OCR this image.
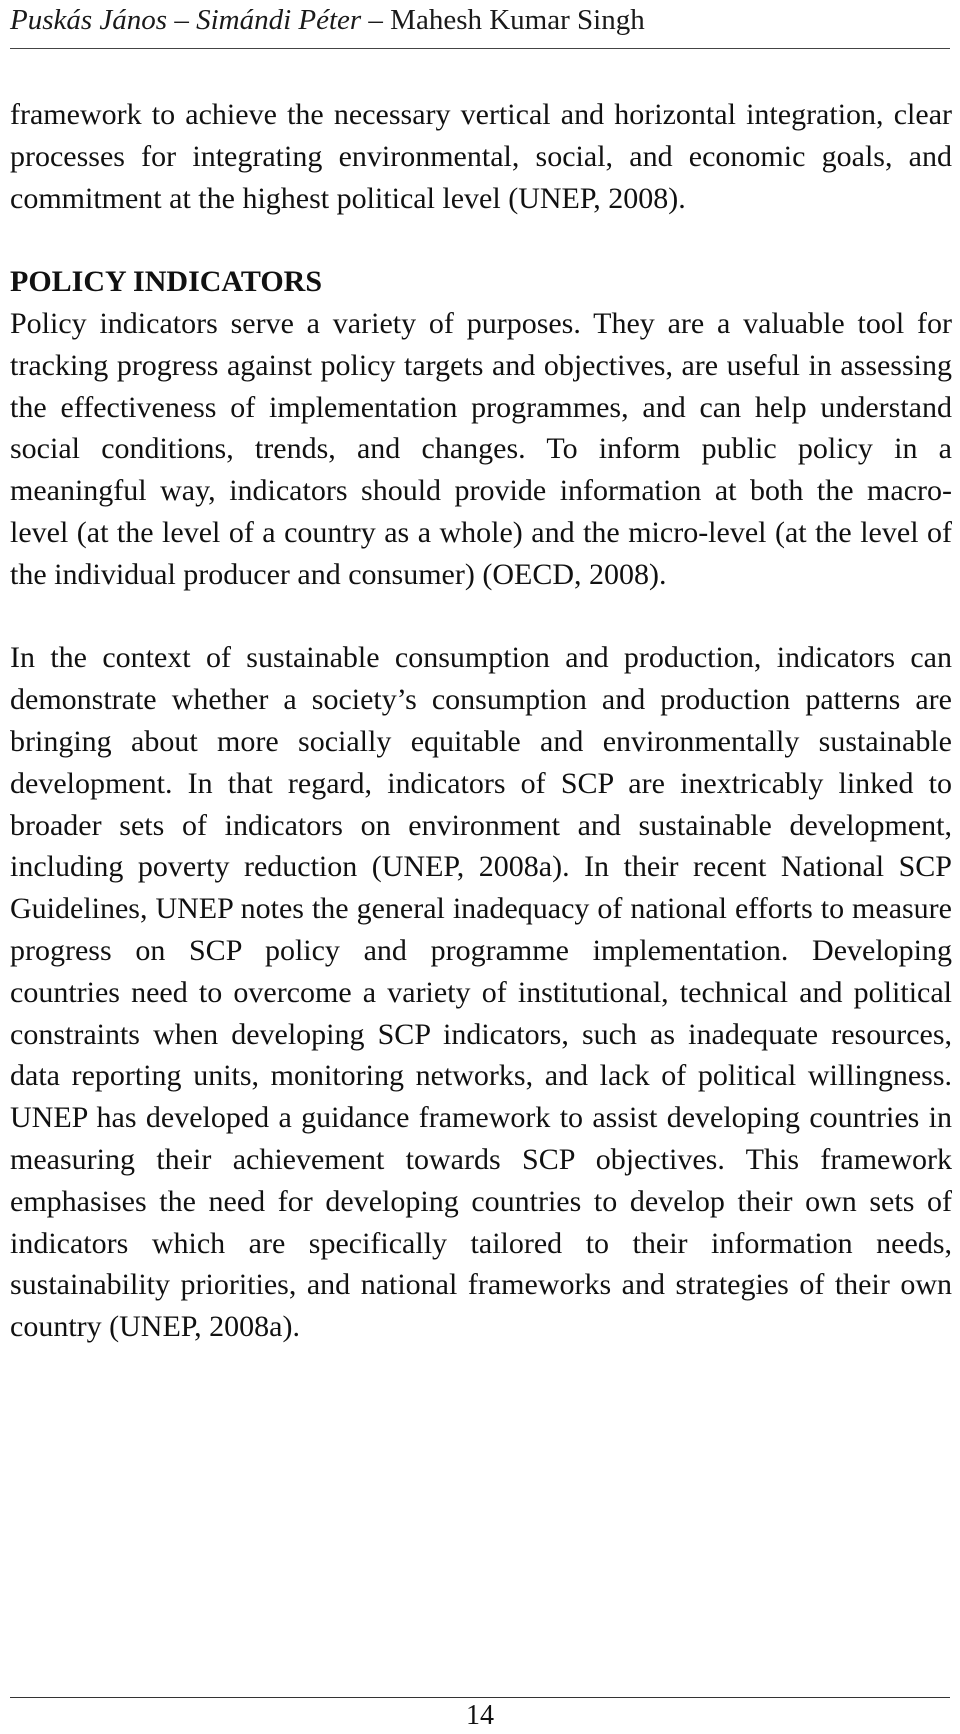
Puskás János – Simándi Péter – Mahesh Kumar Singh

framework to achieve the necessary vertical and horizontal integration, clear processes for integrating environmental, social, and economic goals, and commitment at the highest political level (UNEP, 2008).

POLICY INDICATORS

Policy indicators serve a variety of purposes. They are a valuable tool for tracking progress against policy targets and objectives, are useful in assessing the effectiveness of implementation programmes, and can help understand social conditions, trends, and changes. To inform public policy in a meaningful way, indicators should provide information at both the macro-level (at the level of a country as a whole) and the micro-level (at the level of the individual producer and consumer) (OECD, 2008).

In the context of sustainable consumption and production, indicators can demonstrate whether a society’s consumption and production patterns are bringing about more socially equitable and environmentally sustainable development. In that regard, indicators of SCP are inextricably linked to broader sets of indicators on environment and sustainable development, including poverty reduction (UNEP, 2008a). In their recent National SCP Guidelines, UNEP notes the general inadequacy of national efforts to measure progress on SCP policy and programme implementation. Developing countries need to overcome a variety of institutional, technical and political constraints when developing SCP indicators, such as inadequate resources, data reporting units, monitoring networks, and lack of political willingness. UNEP has developed a guidance framework to assist developing countries in measuring their achievement towards SCP objectives. This framework emphasises the need for developing countries to develop their own sets of indicators which are specifically tailored to their information needs, sustainability priorities, and national frameworks and strategies of their own country (UNEP, 2008a).

14
